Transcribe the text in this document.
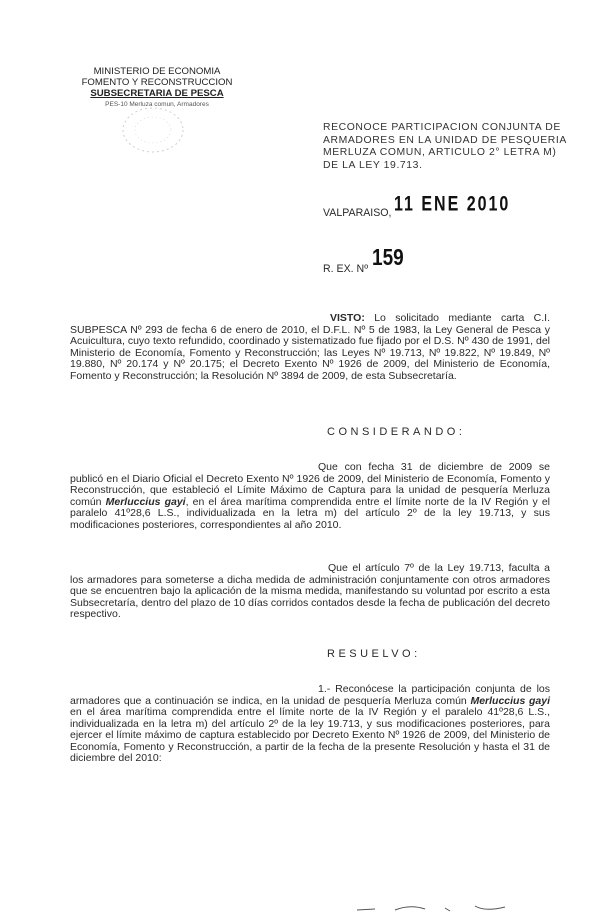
MINISTERIO DE ECONOMIA
FOMENTO Y RECONSTRUCCION
SUBSECRETARIA DE PESCA
PES-10 Merluza comun, Armadores
RECONOCE PARTICIPACION CONJUNTA DE ARMADORES EN LA UNIDAD DE PESQUERIA MERLUZA COMUN, ARTICULO 2° LETRA M) DE LA LEY 19.713.
VALPARAISO, 11 ENE 2010
R. EX. Nº 159
VISTO: Lo solicitado mediante carta C.I. SUBPESCA Nº 293 de fecha 6 de enero de 2010, el D.F.L. Nº 5 de 1983, la Ley General de Pesca y Acuicultura, cuyo texto refundido, coordinado y sistematizado fue fijado por el D.S. Nº 430 de 1991, del Ministerio de Economía, Fomento y Reconstrucción; las Leyes Nº 19.713, Nº 19.822, Nº 19.849, Nº 19.880, Nº 20.174 y Nº 20.175; el Decreto Exento Nº 1926 de 2009, del Ministerio de Economía, Fomento y Reconstrucción; la Resolución Nº 3894 de 2009, de esta Subsecretaría.
CONSIDERANDO:
Que con fecha 31 de diciembre de 2009 se publicó en el Diario Oficial el Decreto Exento Nº 1926 de 2009, del Ministerio de Economía, Fomento y Reconstrucción, que estableció el Límite Máximo de Captura para la unidad de pesquería Merluza común Merluccius gayi, en el área marítima comprendida entre el límite norte de la IV Región y el paralelo 41º28,6 L.S., individualizada en la letra m) del artículo 2º de la ley 19.713, y sus modificaciones posteriores, correspondientes al año 2010.
Que el artículo 7º de la Ley 19.713, faculta a los armadores para someterse a dicha medida de administración conjuntamente con otros armadores que se encuentren bajo la aplicación de la misma medida, manifestando su voluntad por escrito a esta Subsecretaría, dentro del plazo de 10 días corridos contados desde la fecha de publicación del decreto respectivo.
RESUELVO:
1.- Reconócese la participación conjunta de los armadores que a continuación se indica, en la unidad de pesquería Merluza común Merluccius gayi en el área marítima comprendida entre el límite norte de la IV Región y el paralelo 41º28,6 L.S., individualizada en la letra m) del artículo 2º de la ley 19.713, y sus modificaciones posteriores, para ejercer el límite máximo de captura establecido por Decreto Exento Nº 1926 de 2009, del Ministerio de Economía, Fomento y Reconstrucción, a partir de la fecha de la presente Resolución y hasta el 31 de diciembre del 2010:
